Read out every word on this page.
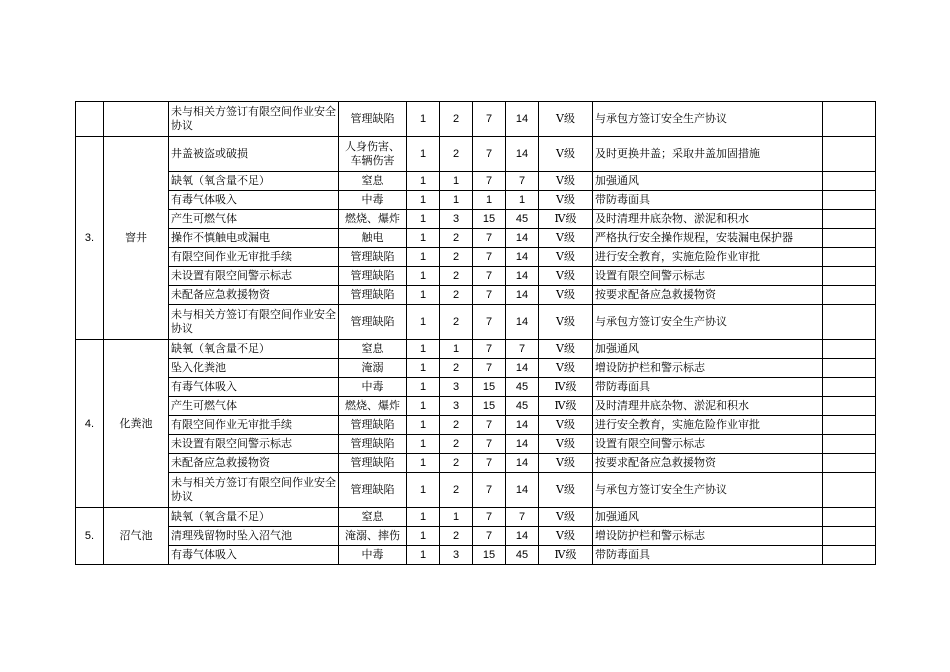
		未与相关方签订有限空间作业安全协议	管理缺陷	1	2	7	14	Ⅴ级	与承包方签订安全生产协议	
3.	窨井	井盖被盗或破损	人身伤害、车辆伤害	1	2	7	14	Ⅴ级	及时更换井盖；采取井盖加固措施	
		缺氧（氧含量不足）	窒息	1	1	7	7	Ⅴ级	加强通风	
		有毒气体吸入	中毒	1	1	1	1	Ⅴ级	带防毒面具	
		产生可燃气体	燃烧、爆炸	1	3	15	45	Ⅳ级	及时清理井底杂物、淤泥和积水	
		操作不慎触电或漏电	触电	1	2	7	14	Ⅴ级	严格执行安全操作规程，安装漏电保护器	
		有限空间作业无审批手续	管理缺陷	1	2	7	14	Ⅴ级	进行安全教育，实施危险作业审批	
		未设置有限空间警示标志	管理缺陷	1	2	7	14	Ⅴ级	设置有限空间警示标志	
		未配备应急救援物资	管理缺陷	1	2	7	14	Ⅴ级	按要求配备应急救援物资	
		未与相关方签订有限空间作业安全协议	管理缺陷	1	2	7	14	Ⅴ级	与承包方签订安全生产协议	
4.	化粪池	缺氧（氧含量不足）	窒息	1	1	7	7	Ⅴ级	加强通风	
		坠入化粪池	淹溺	1	2	7	14	Ⅴ级	增设防护栏和警示标志	
		有毒气体吸入	中毒	1	3	15	45	Ⅳ级	带防毒面具	
		产生可燃气体	燃烧、爆炸	1	3	15	45	Ⅳ级	及时清理井底杂物、淤泥和积水	
		有限空间作业无审批手续	管理缺陷	1	2	7	14	Ⅴ级	进行安全教育，实施危险作业审批	
		未设置有限空间警示标志	管理缺陷	1	2	7	14	Ⅴ级	设置有限空间警示标志	
		未配备应急救援物资	管理缺陷	1	2	7	14	Ⅴ级	按要求配备应急救援物资	
		未与相关方签订有限空间作业安全协议	管理缺陷	1	2	7	14	Ⅴ级	与承包方签订安全生产协议	
5.	沼气池	缺氧（氧含量不足）	窒息	1	1	7	7	Ⅴ级	加强通风	
		清理残留物时坠入沼气池	淹溺、摔伤	1	2	7	14	Ⅴ级	增设防护栏和警示标志	
		有毒气体吸入	中毒	1	3	15	45	Ⅳ级	带防毒面具	
